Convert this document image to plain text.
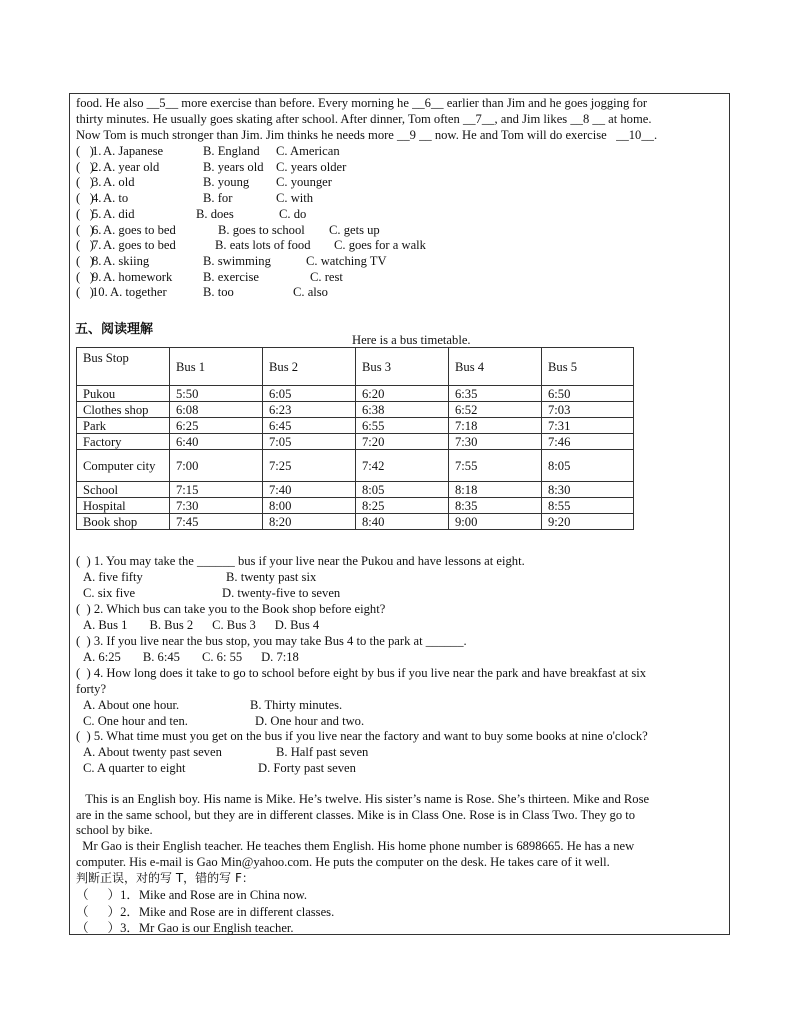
food. He also __5__ more exercise than before. Every morning he __6__ earlier than Jim and he goes jogging for
thirty minutes. He usually goes skating after school. After dinner, Tom often __7__, and Jim likes __8 __ at home.
Now Tom is much stronger than Jim. Jim thinks he needs more __9 __ now. He and Tom will do exercise   __10__.
(   )
1. A. Japanese	B. England C. American
(   )
2. A. year old	B. years old C. years older
(   )
3. A. old	B. young C. younger
(   )
4. A. to	B. for	C. with
(   )
5. A. did	B. does	C. do
(   )
6. A. goes to bed	B. goes to school C. gets up
(   )
7. A. goes to bed	B. eats lots of food C. goes for a walk
(   )
8. A. skiing	B. swimming	C. watching TV
(   )
9. A. homework B. exercise	C. rest
(   )
10. A. together	B. too	C. also
五、阅读理解
Here is a bus timetable.
Bus Stop	Bus 1	Bus 2	Bus 3	Bus 4	Bus 5
Pukou	5:50	6:05	6:20	6:35	6:50
Clothes shop	6:08	6:23	6:38	6:52	7:03
Park	6:25	6:45	6:55	7:18	7:31
Factory	6:40	7:05	7:20	7:30	7:46
Computer city	7:00	7:25	7:42	7:55	8:05
School	7:15	7:40	8:05	8:18	8:30
Hospital	7:30	8:00	8:25	8:35	8:55
Book shop	7:45	8:20	8:40	9:00	9:20
(  ) 1. You may take the ______ bus if your live near the Pukou and have lessons at eight.
A. five fifty	B. twenty past six
C. six five	D. twenty-five to seven
(  ) 2. Which bus can take you to the Book shop before eight?
A. Bus 1       B. Bus 2      C. Bus 3      D. Bus 4
(  ) 3. If you live near the bus stop, you may take Bus 4 to the park at ______.
A. 6:25       B. 6:45       C. 6: 55      D. 7:18
(  ) 4. How long does it take to go to school before eight by bus if you live near the park and have breakfast at six
forty?
A. About one hour.	B. Thirty minutes.
C. One hour and ten.	D. One hour and two.
(  ) 5. What time must you get on the bus if you live near the factory and want to buy some books at nine o'clock?
A. About twenty past seven	B. Half past seven
C. A quarter to eight	D. Forty past seven
This is an English boy. His name is Mike. He’s twelve. His sister’s name is Rose. She’s thirteen. Mike and Rose
are in the same school, but they are in different classes. Mike is in Class One. Rose is in Class Two. They go to
school by bike.
Mr Gao is their English teacher. He teaches them English. His home phone number is 6898665. He has a new
computer. His e-mail is Gao Min@yahoo.com. He puts the computer on the desk. He takes care of it well.
判断正误，对的写 T，错的写 F：
（      ）1．Mike and Rose are in China now.
（      ）2．Mike and Rose are in different classes.
（      ）3．Mr Gao is our English teacher.
